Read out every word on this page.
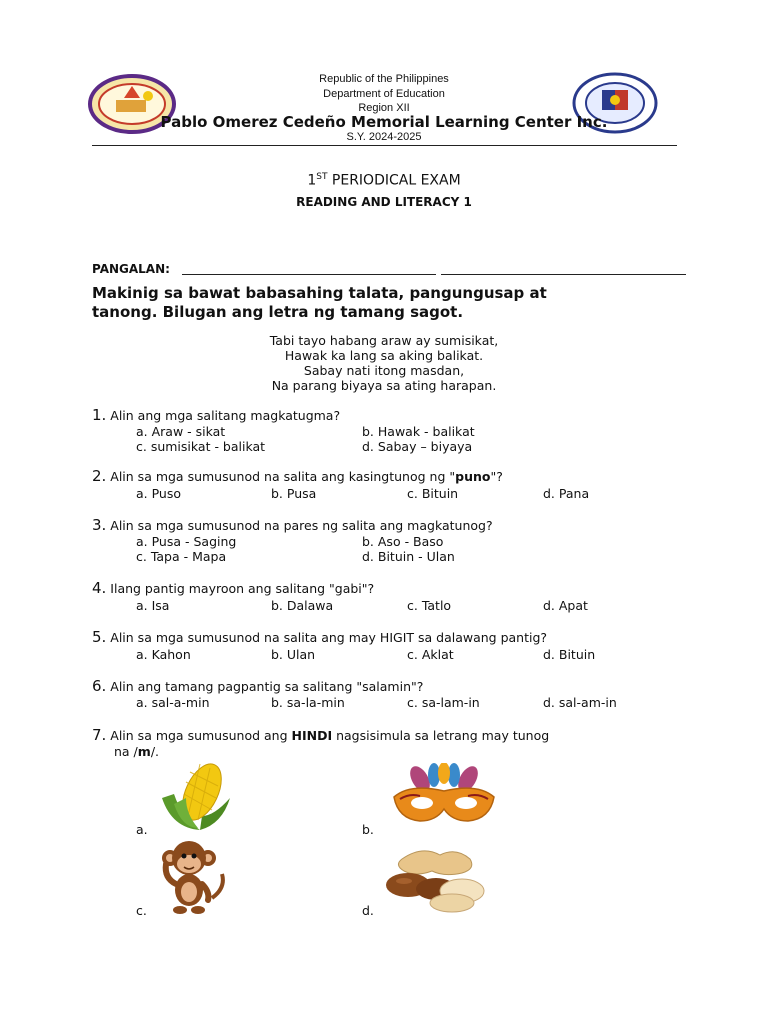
Republic of the Philippines
Department of Education
Region XII
Pablo Omerez Cedeño Memorial Learning Center Inc.
S.Y. 2024-2025
1ST PERIODICAL EXAM
READING AND LITERACY 1
PANGALAN:
Makinig sa bawat babasahing talata, pangungusap at
tanong. Bilugan ang letra ng tamang sagot.
Tabi tayo habang araw ay sumisikat,
Hawak ka lang sa aking balikat.
Sabay nati itong masdan,
Na parang biyaya sa ating harapan.
1. Alin ang mga salitang magkatugma?
a. Araw - sikat	b. Hawak - balikat
c. sumisikat - balikat	d. Sabay – biyaya
2. Alin sa mga sumusunod na salita ang kasingtunog ng "puno"?
a. Puso	b. Pusa	c. Bituin	d. Pana
3. Alin sa mga sumusunod na pares ng salita ang magkatunog?
a. Pusa - Saging	b. Aso - Baso
c. Tapa - Mapa	d. Bituin - Ulan
4. Ilang pantig mayroon ang salitang "gabi"?
a. Isa	b. Dalawa	c. Tatlo	d. Apat
5. Alin sa mga sumusunod na salita ang may HIGIT sa dalawang pantig?
a. Kahon	b. Ulan	c. Aklat	d. Bituin
6. Alin ang tamang pagpantig sa salitang "salamin"?
a. sal-a-min	b. sa-la-min	c. sa-lam-in	d. sal-am-in
7. Alin sa mga sumusunod ang HINDI nagsisimula sa letrang may tunog
na /m/.
a.	b.
c.	d.
